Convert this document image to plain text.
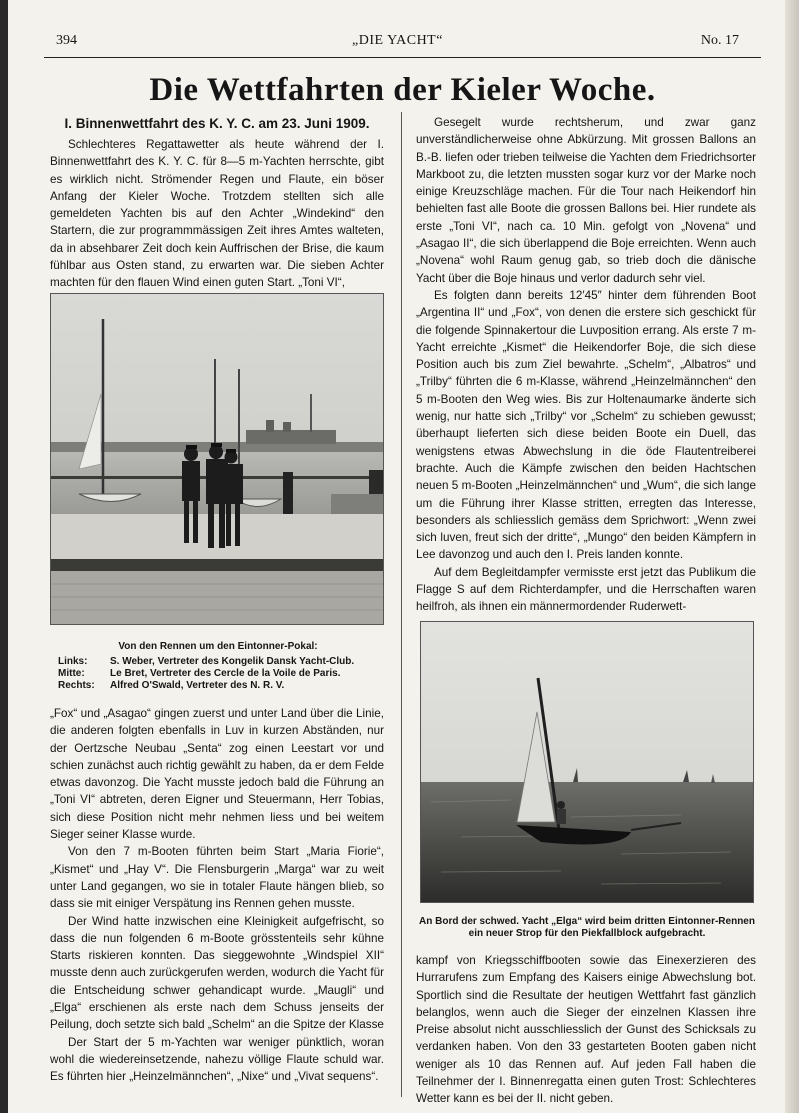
394	„DIE YACHT“	No. 17
Die Wettfahrten der Kieler Woche.
I. Binnenwettfahrt des K. Y. C. am 23. Juni 1909.

Schlechteres Regattawetter als heute während der I. Binnenwettfahrt des K. Y. C. für 8—5 m-Yachten herrschte, gibt es wirklich nicht. Strömender Regen und Flaute, ein böser Anfang der Kieler Woche. Trotzdem stellten sich alle gemeldeten Yachten bis auf den Achter „Windekind“ den Startern, die zur programmmässigen Zeit ihres Amtes walteten, da in absehbarer Zeit doch kein Auffrischen der Brise, die kaum fühlbar aus Osten stand, zu erwarten war. Die sieben Achter machten für den flauen Wind einen guten Start. „Toni VI“,

Von den Rennen um den Eintonner-Pokal:
Links:	S. Weber, Vertreter des Kongelik Dansk Yacht-Club.
Mitte:	Le Bret, Vertreter des Cercle de la Voile de Paris.
Rechts:	Alfred O'Swald, Vertreter des N. R. V.

„Fox“ und „Asagao“ gingen zuerst und unter Land über die Linie, die anderen folgten ebenfalls in Luv in kurzen Abständen, nur der Oertzsche Neubau „Senta“ zog einen Leestart vor und schien zunächst auch richtig gewählt zu haben, da er dem Felde etwas davonzog. Die Yacht musste jedoch bald die Führung an „Toni VI“ abtreten, deren Eigner und Steuermann, Herr Tobias, sich diese Position nicht mehr nehmen liess und bei weitem Sieger seiner Klasse wurde.

Von den 7 m-Booten führten beim Start „Maria Fiorie“, „Kismet“ und „Hay V“. Die Flensburgerin „Marga“ war zu weit unter Land gegangen, wo sie in totaler Flaute hängen blieb, so dass sie mit einiger Verspätung ins Rennen gehen musste.

Der Wind hatte inzwischen eine Kleinigkeit aufgefrischt, so dass die nun folgenden 6 m-Boote grösstenteils sehr kühne Starts riskieren konnten. Das sieggewohnte „Windspiel XII“ musste denn auch zurückgerufen werden, wodurch die Yacht für die Entscheidung schwer gehandicapt wurde. „Maugli“ und „Elga“ erschienen als erste nach dem Schuss jenseits der Peilung, doch setzte sich bald „Schelm“ an die Spitze der Klasse

Der Start der 5 m-Yachten war weniger pünktlich, woran wohl die wiedereinsetzende, nahezu völlige Flaute schuld war. Es führten hier „Heinzelmännchen“, „Nixe“ und „Vivat sequens“.

Gesegelt wurde rechtsherum, und zwar ganz unverständlicherweise ohne Abkürzung. Mit grossen Ballons an B.-B. liefen oder trieben teilweise die Yachten dem Friedrichsorter Markboot zu, die letzten mussten sogar kurz vor der Marke noch einige Kreuzschläge machen. Für die Tour nach Heikendorf hin behielten fast alle Boote die grossen Ballons bei. Hier rundete als erste „Toni VI“, nach ca. 10 Min. gefolgt von „Novena“ und „Asagao II“, die sich überlappend die Boje erreichten. Wenn auch „Novena“ wohl Raum genug gab, so trieb doch die dänische Yacht über die Boje hinaus und verlor dadurch sehr viel.

Es folgten dann bereits 12′45″ hinter dem führenden Boot „Argentina II“ und „Fox“, von denen die erstere sich geschickt für die folgende Spinnakertour die Luvposition errang. Als erste 7 m-Yacht erreichte „Kismet“ die Heikendorfer Boje, die sich diese Position auch bis zum Ziel bewahrte. „Schelm“, „Albatros“ und „Trilby“ führten die 6 m-Klasse, während „Heinzelmännchen“ den 5 m-Booten den Weg wies. Bis zur Holtenaumarke änderte sich wenig, nur hatte sich „Trilby“ vor „Schelm“ zu schieben gewusst; überhaupt lieferten sich diese beiden Boote ein Duell, das wenigstens etwas Abwechslung in die öde Flautentreiberei brachte. Auch die Kämpfe zwischen den beiden Hachtschen neuen 5 m-Booten „Heinzelmännchen“ und „Wum“, die sich lange um die Führung ihrer Klasse stritten, erregten das Interesse, besonders als schliesslich gemäss dem Sprichwort: „Wenn zwei sich luven, freut sich der dritte“, „Mungo“ den beiden Kämpfern in Lee davonzog und auch den I. Preis landen konnte.

Auf dem Begleitdampfer vermisste erst jetzt das Publikum die Flagge S auf dem Richterdampfer, und die Herrschaften waren heilfroh, als ihnen ein männermordender Ruderwett-

An Bord der schwed. Yacht „Elga“ wird beim dritten Eintonner-Rennen ein neuer Strop für den Piekfallblock aufgebracht.

kampf von Kriegsschiffbooten sowie das Einexerzieren des Hurrarufens zum Empfang des Kaisers einige Abwechslung bot. Sportlich sind die Resultate der heutigen Wettfahrt fast gänzlich belanglos, wenn auch die Sieger der einzelnen Klassen ihre Preise absolut nicht ausschliesslich der Gunst des Schicksals zu verdanken haben. Von den 33 gestarteten Booten gaben nicht weniger als 10 das Rennen auf. Auf jeden Fall haben die Teilnehmer der I. Binnenregatta einen guten Trost: Schlechteres Wetter kann es bei der II. nicht geben.
